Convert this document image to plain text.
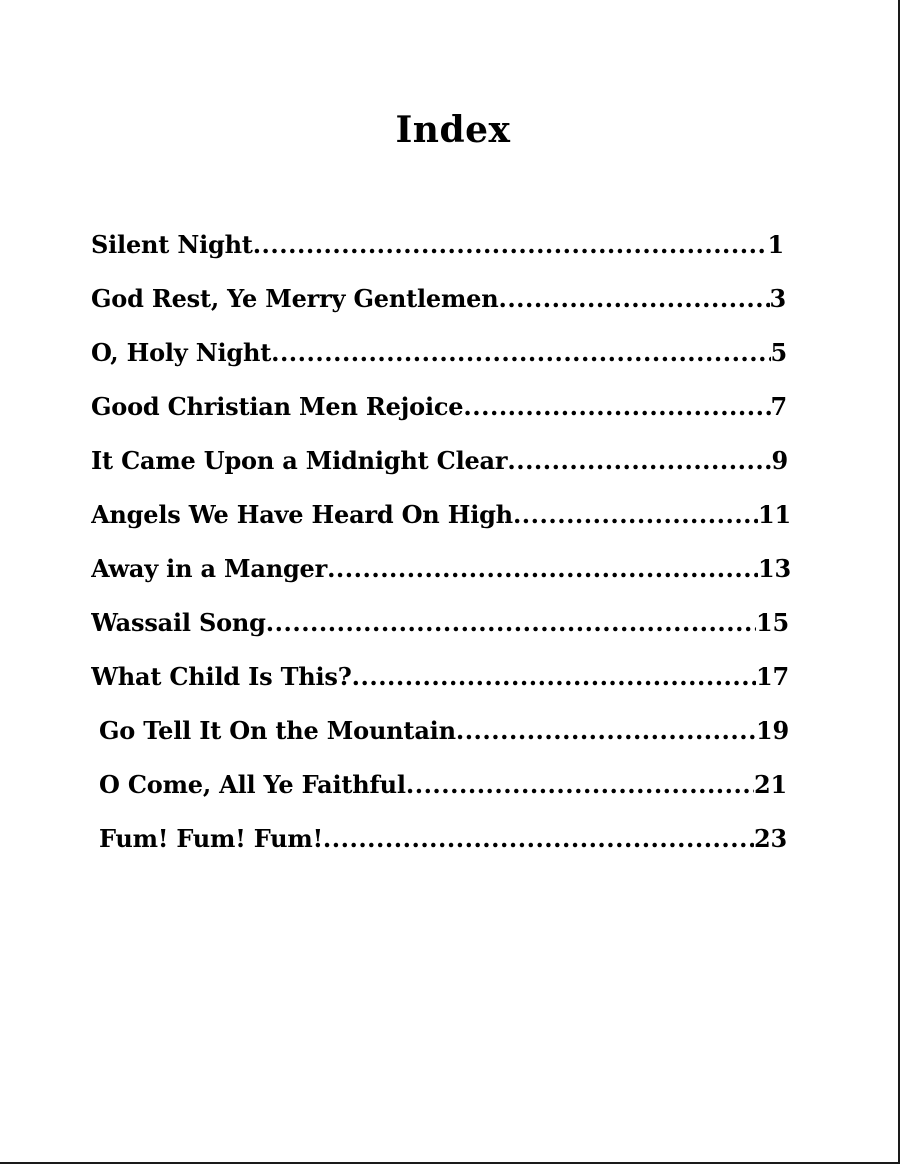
Index
Silent Night .....	1
God Rest, Ye Merry Gentlemen .....	3
O, Holy Night .....	5
Good Christian Men Rejoice .....	7
It Came Upon a Midnight Clear .....	9
Angels We Have Heard On High .....	11
Away in a Manger .....	13
Wassail Song .....	15
What Child Is This? .....	17
Go Tell It On the Mountain .....	19
O Come, All Ye Faithful .....	21
Fum! Fum! Fum! .....	23
